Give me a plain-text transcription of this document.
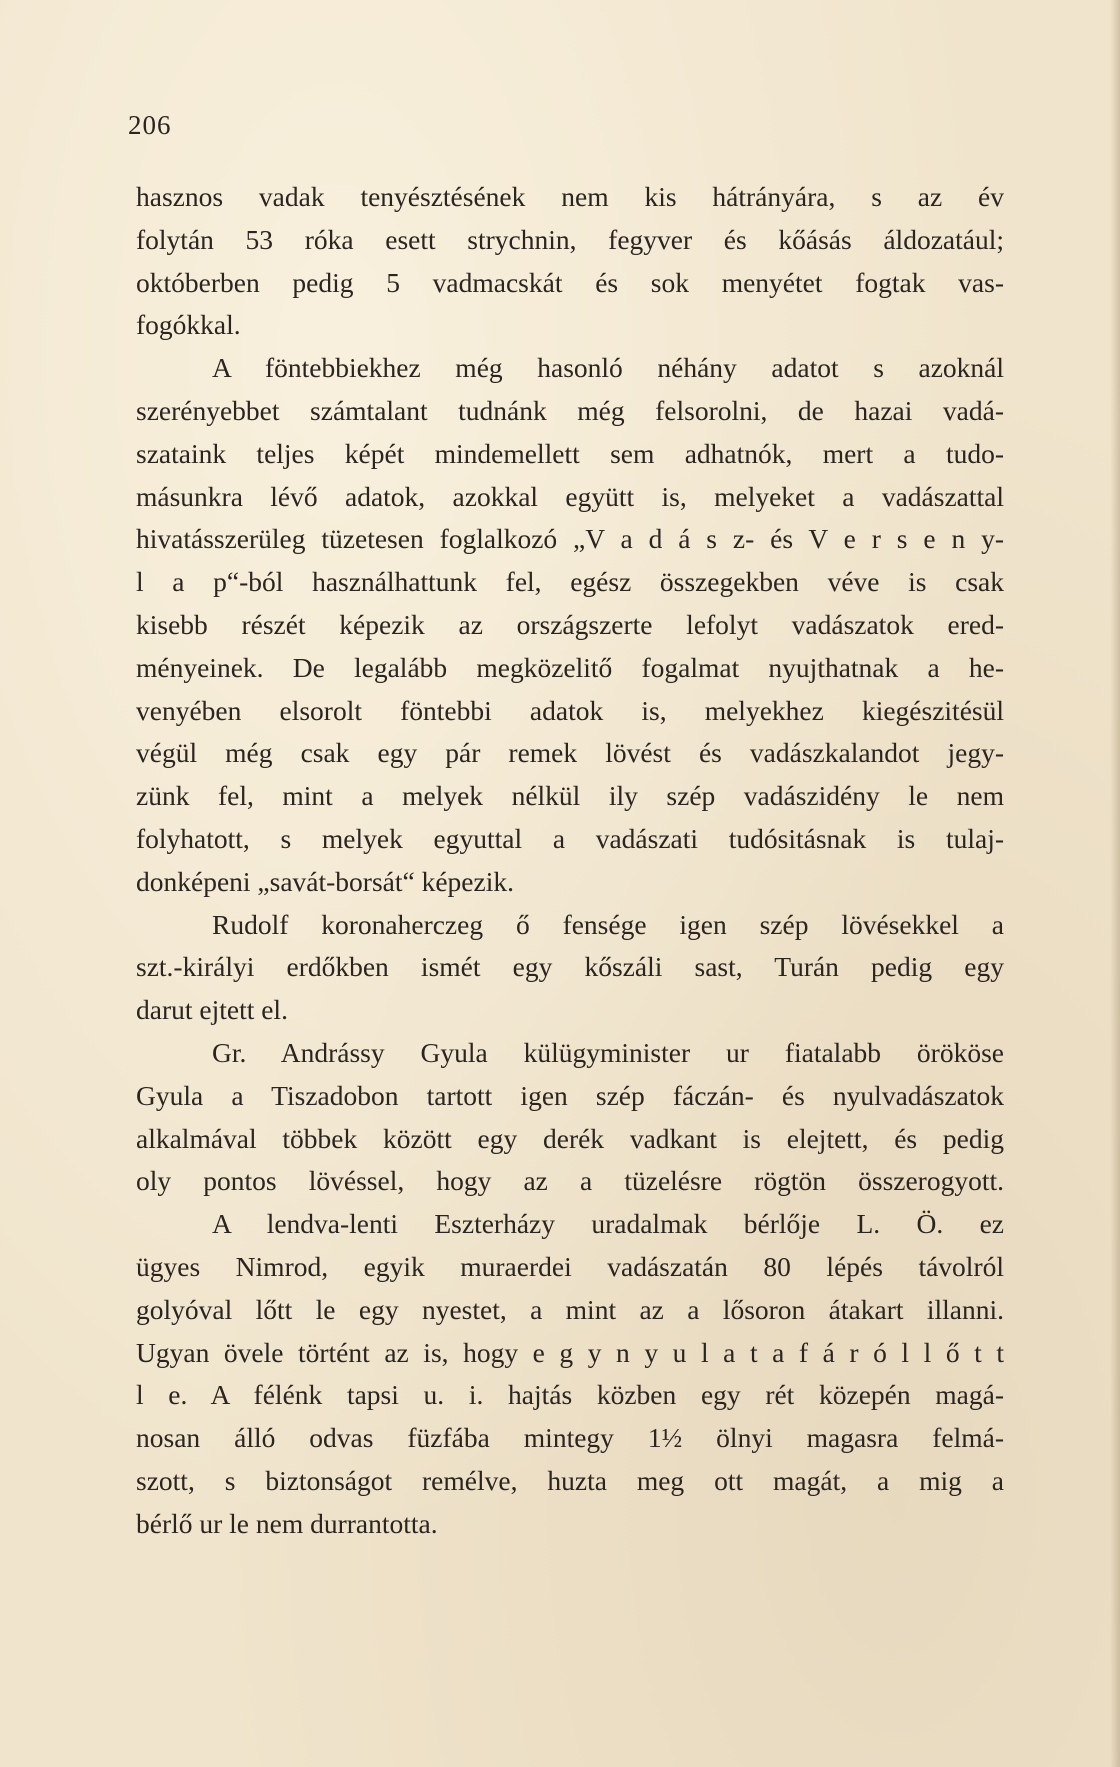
206
hasznos vadak tenyésztésének nem kis hátrányára, s az év
folytán 53 róka esett strychnin, fegyver és kőásás áldozatául;
októberben pedig 5 vadmacskát és sok menyétet fogtak vas-
fogókkal.
A föntebbiekhez még hasonló néhány adatot s azoknál
szerényebbet számtalant tudnánk még felsorolni, de hazai vadá-
szataink teljes képét mindemellett sem adhatnók, mert a tudo-
másunkra lévő adatok, azokkal együtt is, melyeket a vadászattal
hivatásszerüleg tüzetesen foglalkozó „V a d á s z- és V e r s e n y-
l a p“-ból használhattunk fel, egész összegekben véve is csak
kisebb részét képezik az országszerte lefolyt vadászatok ered-
ményeinek. De legalább megközelitő fogalmat nyujthatnak a he-
venyében elsorolt föntebbi adatok is, melyekhez kiegészitésül
végül még csak egy pár remek lövést és vadászkalandot jegy-
zünk fel, mint a melyek nélkül ily szép vadászidény le nem
folyhatott, s melyek egyuttal a vadászati tudósitásnak is tulaj-
donképeni „savát-borsát“ képezik.
Rudolf koronaherczeg ő fensége igen szép lövésekkel a
szt.-királyi erdőkben ismét egy kőszáli sast, Turán pedig egy
darut ejtett el.
Gr. Andrássy Gyula külügyminister ur fiatalabb örököse
Gyula a Tiszadobon tartott igen szép fáczán- és nyulvadászatok
alkalmával többek között egy derék vadkant is elejtett, és pedig
oly pontos lövéssel, hogy az a tüzelésre rögtön összerogyott.
A lendva-lenti Eszterházy uradalmak bérlője L. Ö. ez
ügyes Nimrod, egyik muraerdei vadászatán 80 lépés távolról
golyóval lőtt le egy nyestet, a mint az a lősoron átakart illanni.
Ugyan övele történt az is, hogy e g y n y u l a t a f á r ó l l ő t t
l e. A félénk tapsi u. i. hajtás közben egy rét közepén magá-
nosan álló odvas füzfába mintegy 1½ ölnyi magasra felmá-
szott, s biztonságot remélve, huzta meg ott magát, a mig a
bérlő ur le nem durrantotta.
